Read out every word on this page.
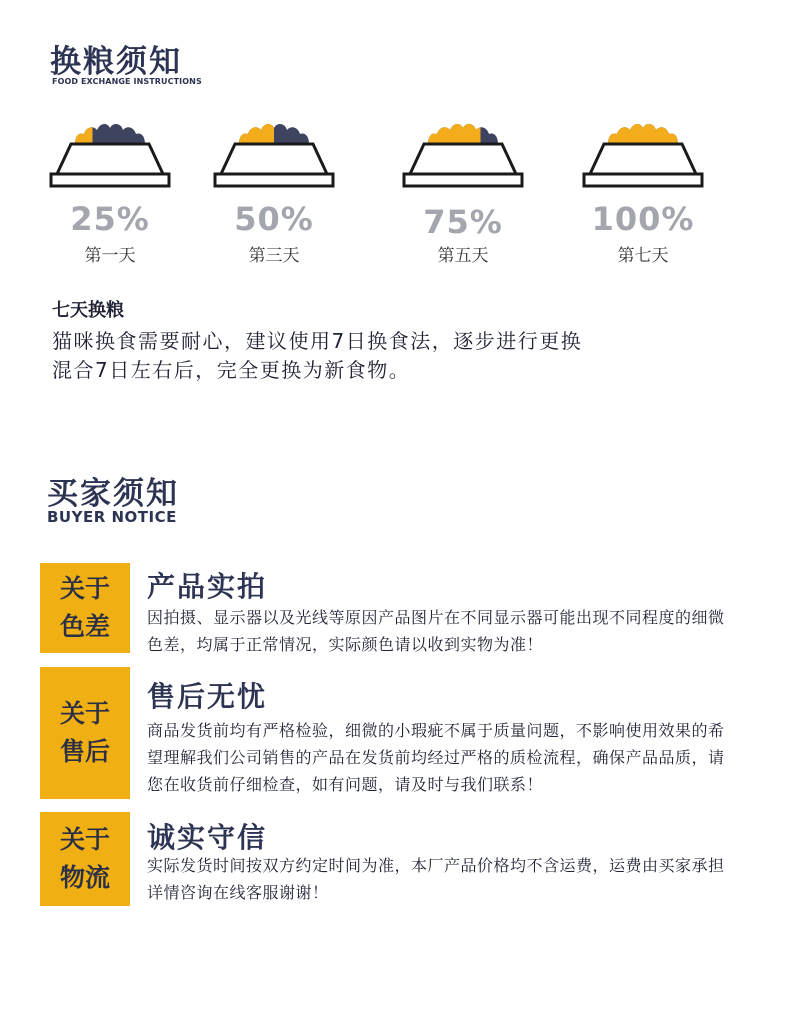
换粮须知
FOOD EXCHANGE INSTRUCTIONS
25%
第一天
50%
第三天
75%
第五天
100%
第七天
七天换粮

猫咪换食需要耐心，建议使用7日换食法，逐步进行更换
混合7日左右后，完全更换为新食物。

买家须知
BUYER NOTICE
关于
色差
产品实拍

因拍摄、显示器以及光线等原因产品图片在不同显示器可能出现不同程度的细微色差，均属于正常情况，实际颜色请以收到实物为准！

关于
售后
售后无忧

商品发货前均有严格检验，细微的小瑕疵不属于质量问题，不影响使用效果的希望理解我们公司销售的产品在发货前均经过严格的质检流程，确保产品品质，请您在收货前仔细检查，如有问题，请及时与我们联系！

关于
物流
诚实守信

实际发货时间按双方约定时间为准，本厂产品价格均不含运费，运费由买家承担详情咨询在线客服谢谢！
